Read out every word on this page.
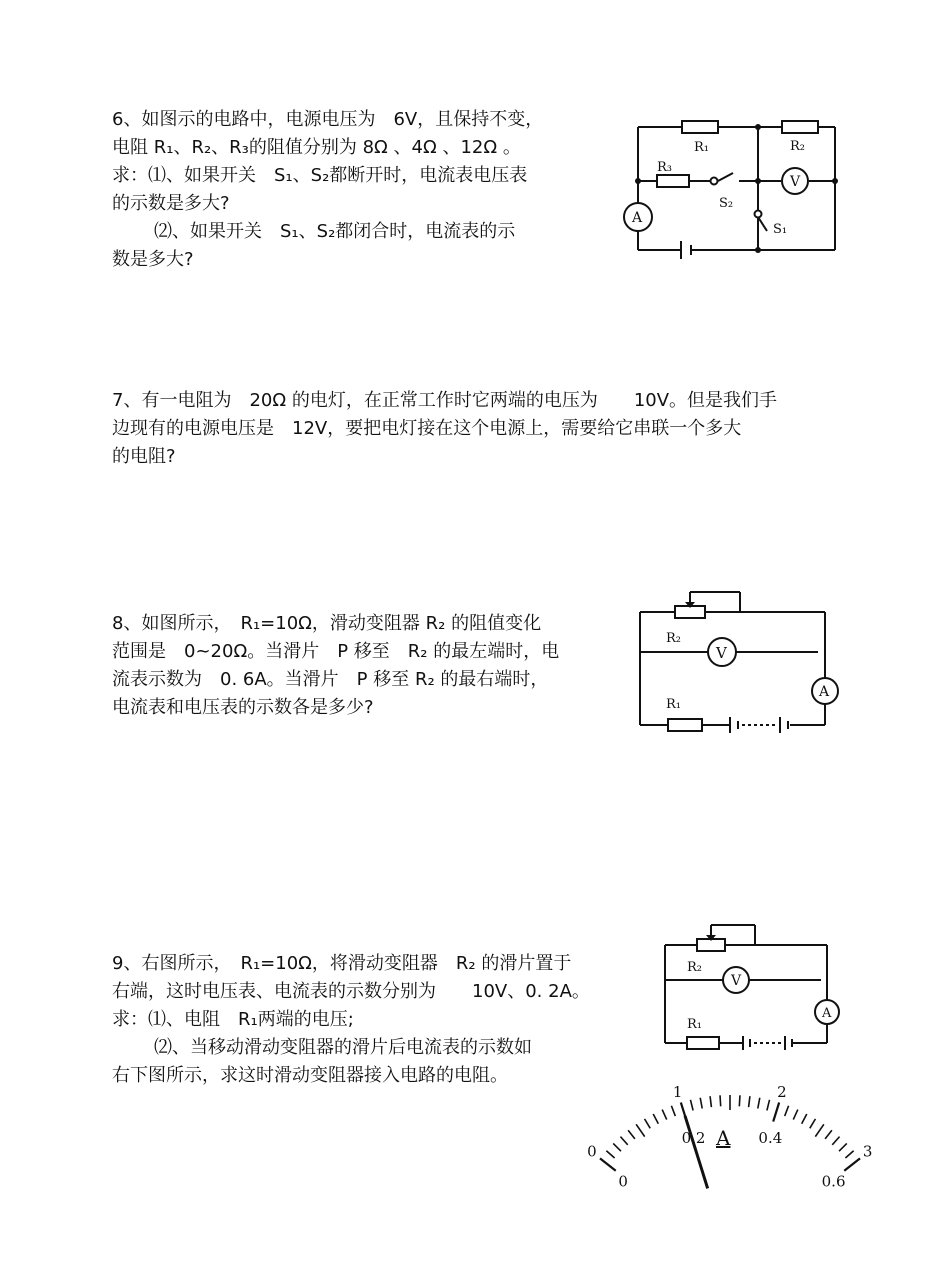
6、如图示的电路中，电源电压为　6V，且保持不变，

电阻 R₁、R₂、R₃的阻值分别为 8Ω 、4Ω 、12Ω 。

求：⑴、如果开关　S₁、S₂都断开时，电流表电压表

的示数是多大?

⑵、如果开关　S₁、S₂都闭合时，电流表的示

数是多大?

R₁	R₂
R₃
S₂
S₁
V
A

7、有一电阻为　20Ω 的电灯，在正常工作时它两端的电压为　　10V。但是我们手

边现有的电源电压是　12V，要把电灯接在这个电源上，需要给它串联一个多大

的电阻?

8、如图所示，　R₁=10Ω，滑动变阻器 R₂ 的阻值变化

范围是　0~20Ω。当滑片　P 移至　R₂ 的最左端时，电

流表示数为　0. 6A。当滑片　P 移至 R₂ 的最右端时，

电流表和电压表的示数各是多少?

R₂
R₁
V
A

9、右图所示，　R₁=10Ω，将滑动变阻器　R₂ 的滑片置于

右端，这时电压表、电流表的示数分别为　　10V、0. 2A。

求：⑴、电阻　R₁两端的电压;

⑵、当移动滑动变阻器的滑片后电流表的示数如

右下图所示，求这时滑动变阻器接入电路的电阻。

R₂
R₁
V
A
0
1	2
3
0
0.2	0.4
0.6
A
